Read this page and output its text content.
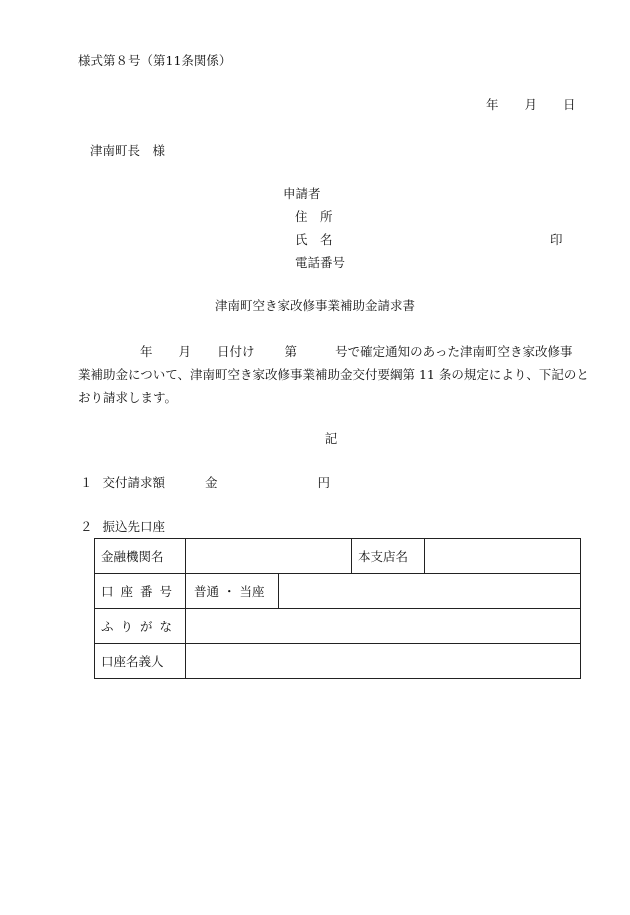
様式第８号（第11条関係）
年 月 日
津南町長　様
申請者
住　所
氏　名	印
電話番号
津南町空き家改修事業補助金請求書
年 月 日付け 第	号で確定通知のあった津南町空き家改修事
業補助金について、津南町空き家改修事業補助金交付要綱第 11 条の規定により、下記のと
おり請求します。
記
１ 交付請求額	金	円
２ 振込先口座
金融機関名		本支店名	
口座番号	普通 ・ 当座		

ふりがな			
口座名義人			
